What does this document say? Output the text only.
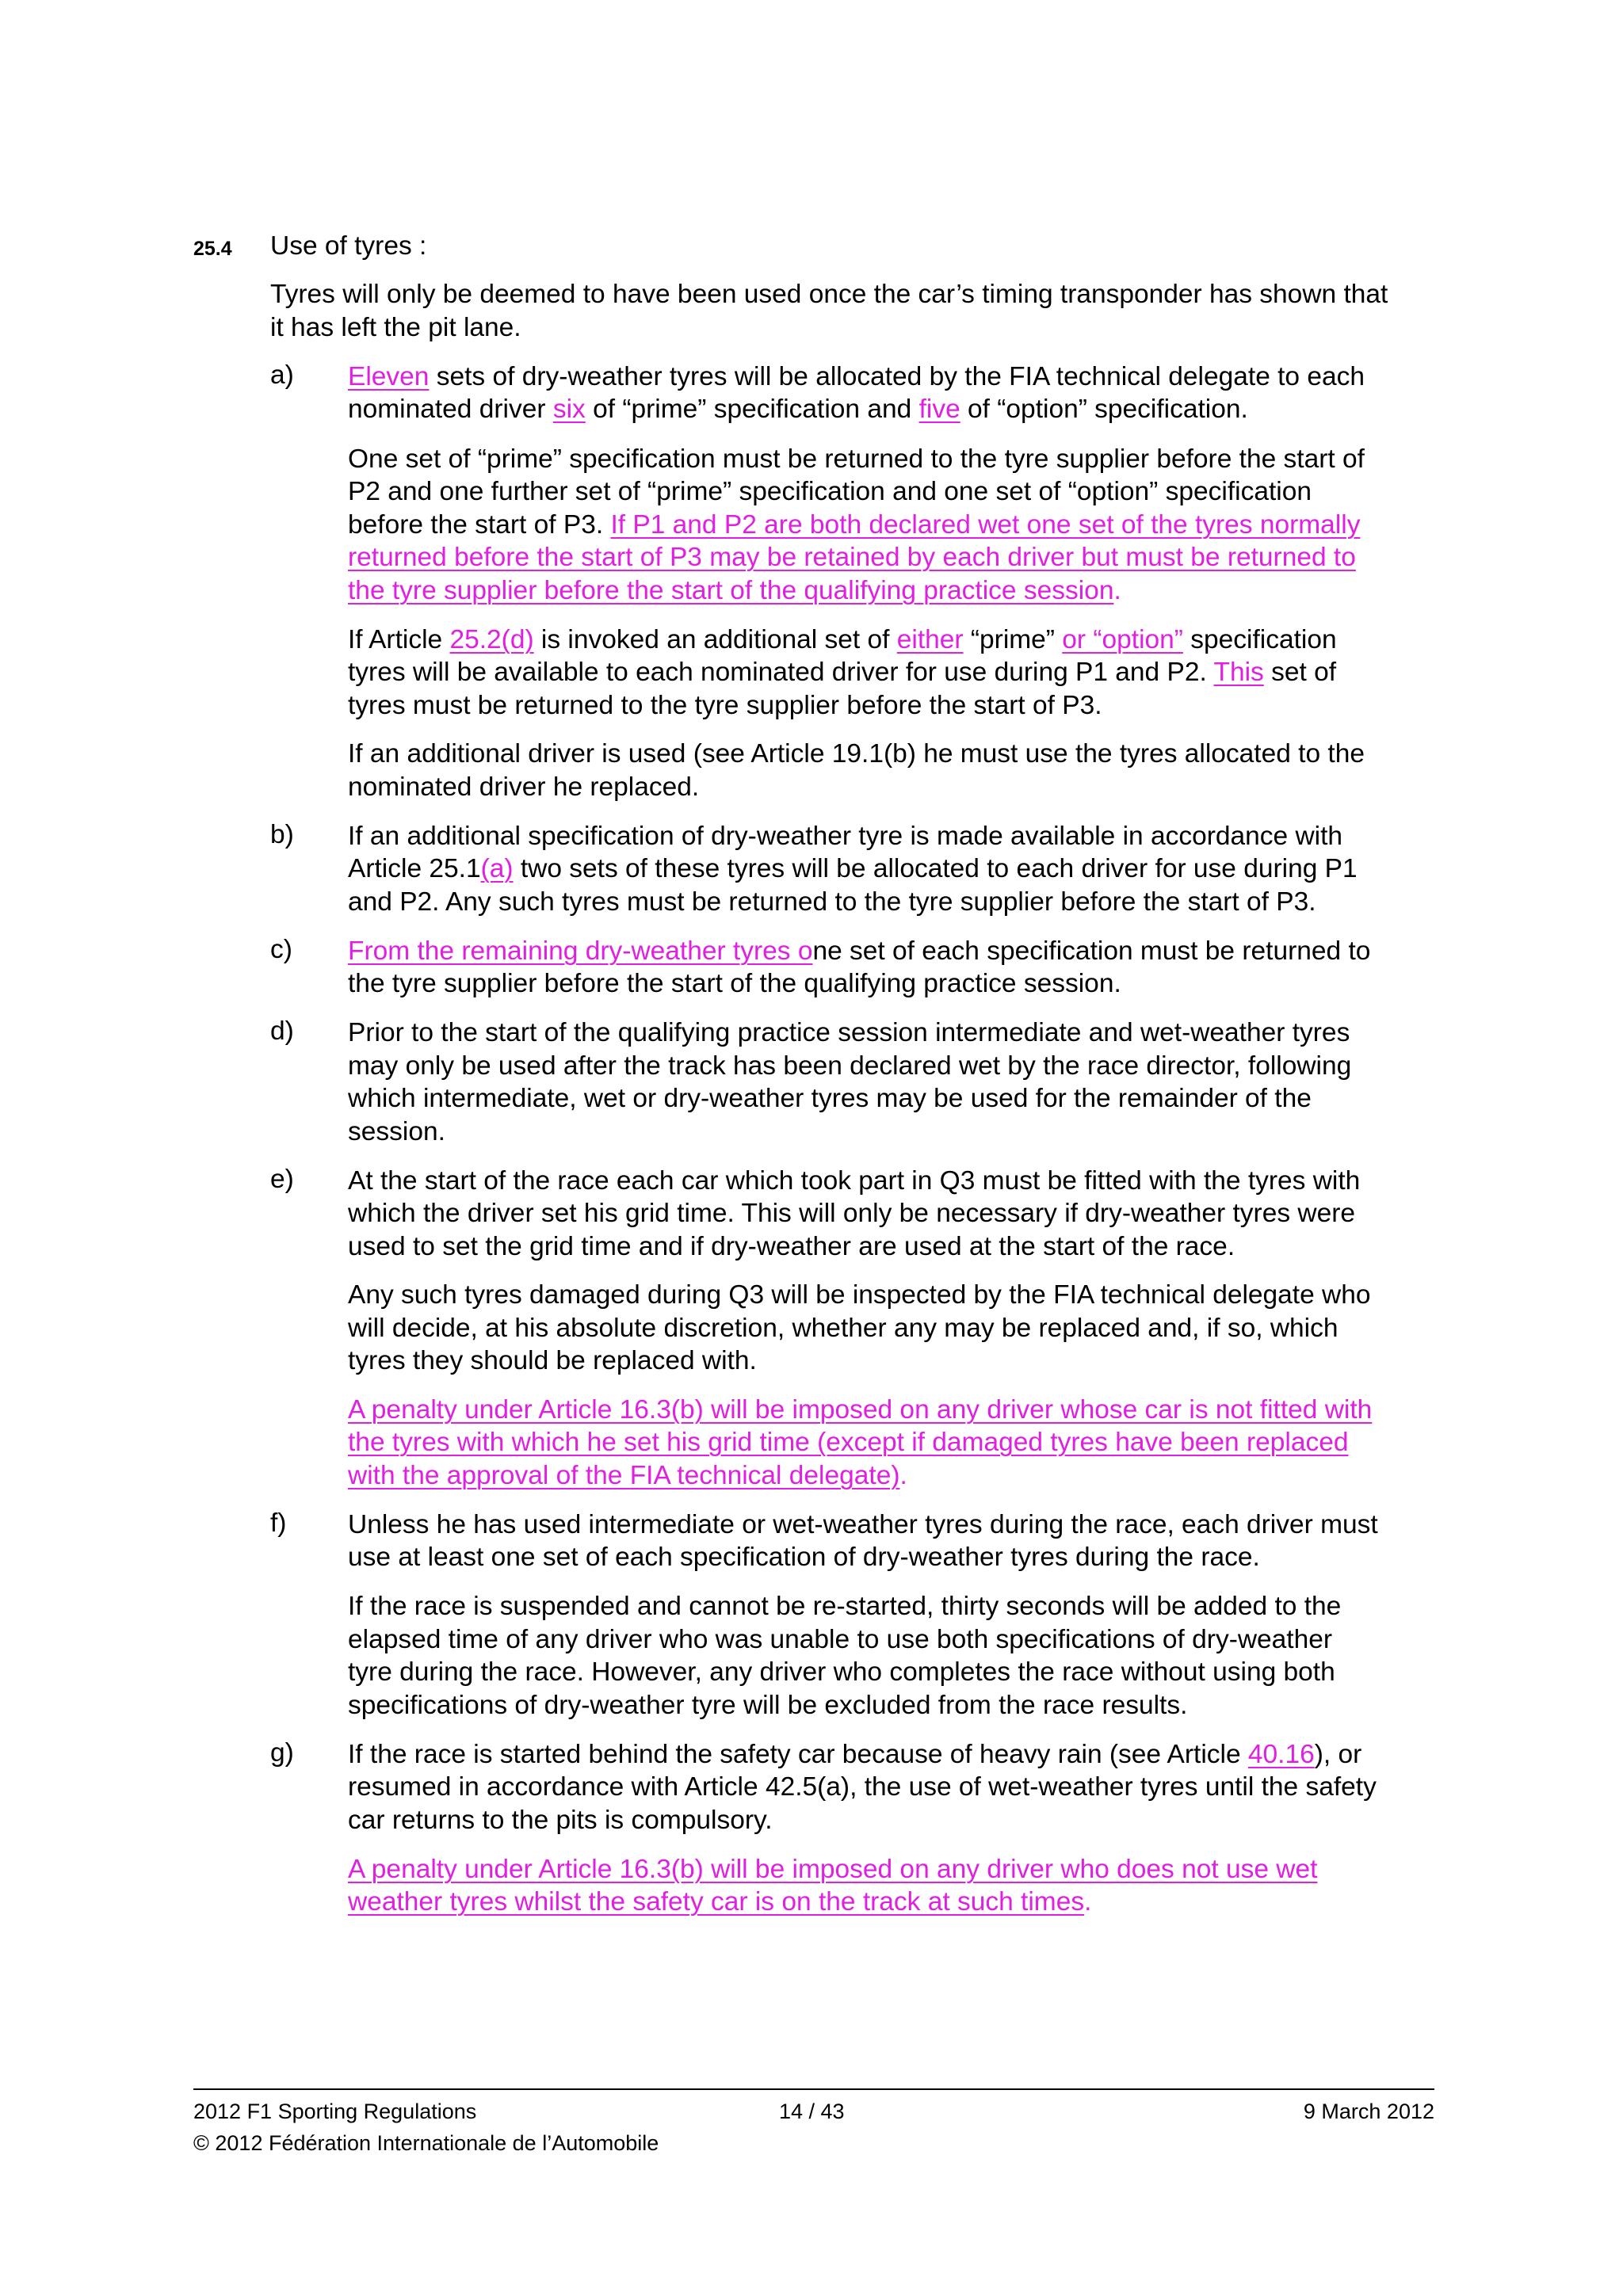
25.4 Use of tyres :
Tyres will only be deemed to have been used once the car’s timing transponder has shown that
it has left the pit lane.
a) Eleven sets of dry-weather tyres will be allocated by the FIA technical delegate to each
nominated driver six of “prime” specification and five of “option” specification.
One set of “prime” specification must be returned to the tyre supplier before the start of
P2 and one further set of “prime” specification and one set of “option” specification
before the start of P3. If P1 and P2 are both declared wet one set of the tyres normally
returned before the start of P3 may be retained by each driver but must be returned to
the tyre supplier before the start of the qualifying practice session.
If Article 25.2(d) is invoked an additional set of either “prime” or “option” specification
tyres will be available to each nominated driver for use during P1 and P2. This set of
tyres must be returned to the tyre supplier before the start of P3.
If an additional driver is used (see Article 19.1(b) he must use the tyres allocated to the
nominated driver he replaced.
b) If an additional specification of dry-weather tyre is made available in accordance with
Article 25.1(a) two sets of these tyres will be allocated to each driver for use during P1
and P2. Any such tyres must be returned to the tyre supplier before the start of P3.
c) From the remaining dry-weather tyres one set of each specification must be returned to
the tyre supplier before the start of the qualifying practice session.
d) Prior to the start of the qualifying practice session intermediate and wet-weather tyres
may only be used after the track has been declared wet by the race director, following
which intermediate, wet or dry-weather tyres may be used for the remainder of the
session.
e) At the start of the race each car which took part in Q3 must be fitted with the tyres with
which the driver set his grid time. This will only be necessary if dry-weather tyres were
used to set the grid time and if dry-weather are used at the start of the race.
Any such tyres damaged during Q3 will be inspected by the FIA technical delegate who
will decide, at his absolute discretion, whether any may be replaced and, if so, which
tyres they should be replaced with.
A penalty under Article 16.3(b) will be imposed on any driver whose car is not fitted with
the tyres with which he set his grid time (except if damaged tyres have been replaced
with the approval of the FIA technical delegate).
f) Unless he has used intermediate or wet-weather tyres during the race, each driver must
use at least one set of each specification of dry-weather tyres during the race.
If the race is suspended and cannot be re-started, thirty seconds will be added to the
elapsed time of any driver who was unable to use both specifications of dry-weather
tyre during the race. However, any driver who completes the race without using both
specifications of dry-weather tyre will be excluded from the race results.
g) If the race is started behind the safety car because of heavy rain (see Article 40.16), or
resumed in accordance with Article 42.5(a), the use of wet-weather tyres until the safety
car returns to the pits is compulsory.
A penalty under Article 16.3(b) will be imposed on any driver who does not use wet
weather tyres whilst the safety car is on the track at such times.
2012 F1 Sporting Regulations	14 / 43	9 March 2012
© 2012 Fédération Internationale de l’Automobile
